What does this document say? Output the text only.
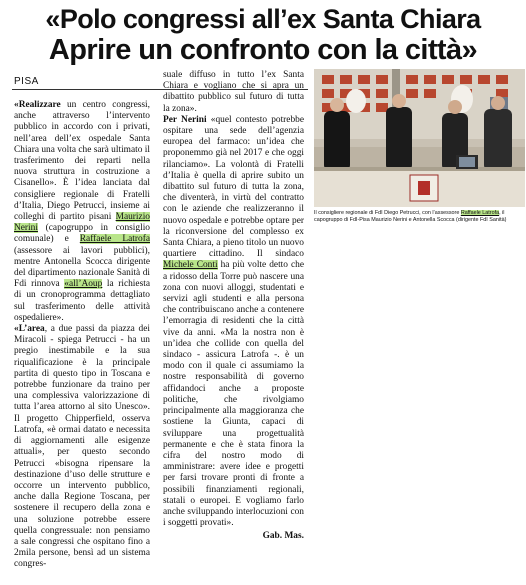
«Polo congressi all’ex Santa Chiara
Aprire un confronto con la città»
PISA

«Realizzare un centro congressi, anche attraverso l’intervento pubblico in accordo con i privati, nell’area dell’ex ospedale Santa Chiara una volta che sarà ultimato il trasferimento dei reparti nella nuova struttura in costruzione a Cisanello». È l’idea lanciata dal consigliere regionale di Fratelli d’Italia, Diego Petrucci, insieme ai colleghi di partito pisani Maurizio Nerini (capogruppo in consiglio comunale) e Raffaele Latrofa (assessore ai lavori pubblici), mentre Antonella Scocca dirigente del dipartimento nazionale Sanità di Fdi rinnova «all’Aoup la richiesta di un cronoprogramma dettagliato sul trasferimento delle attività ospedaliere».
«L’area, a due passi da piazza dei Miracoli - spiega Petrucci - ha un pregio inestimabile e la sua riqualificazione è la principale partita di questo tipo in Toscana e potrebbe funzionare da traino per una complessiva valorizzazione di tutta l’area attorno al sito Unesco». Il progetto Chipperfield, osserva Latrofa, «è ormai datato e necessita di aggiornamenti alle esigenze attuali», per questo secondo Petrucci «bisogna ripensare la destinazione d’uso delle strutture e occorre un intervento pubblico, anche dalla Regione Toscana, per sostenere il recupero della zona e una soluzione potrebbe essere quella congressuale: non pensiamo a sale congressi che ospitano fino a 2mila persone, bensì ad un sistema congres-

suale diffuso in tutto l’ex Santa Chiara e vogliano che si apra un dibattito pubblico sul futuro di tutta la zona».
Per Nerini «quel contesto potrebbe ospitare una sede dell’agenzia europea del farmaco: un’idea che proponemmo già nel 2017 e che oggi rilanciamo». La volontà di Fratelli d’Italia è quella di aprire subito un dibattito sul futuro di tutta la zona, che diventerà, in virtù del contratto con le aziende che realizzeranno il nuovo ospedale e potrebbe optare per la riconversione del complesso ex Santa Chiara, a pieno titolo un nuovo quartiere cittadino. Il sindaco Michele Conti ha più volte detto che a ridosso della Torre può nascere una zona con nuovi alloggi, studentati e servizi agli studenti e alla persona che contribuiscano anche a contenere l’emorragia di residenti che la città vive da anni. «Ma la nostra non è un’idea che collide con quella del sindaco - assicura Latrofa -. è un modo con il quale ci assumiamo la nostre responsabilità di governo affidandoci anche a proposte politiche, che rivolgiamo principalmente alla maggioranza che sostiene la Giunta, capaci di sviluppare una progettualità permanente e che è stata finora la cifra del nostro modo di amministrare: avere idee e progetti per farsi trovare pronti di fronte a possibili finanziamenti regionali, statali o europei. E vogliamo farlo anche sviluppando interlocuzioni con i soggetti provati».

Gab. Mas.

Il consigliere regionale di FdI Diego Petrucci, con l’assessore Raffaele Latrofa, il capogruppo di FdI-Pisa Maurizio Nerini e Antonella Scocca (dirigente FdI Sanità)
